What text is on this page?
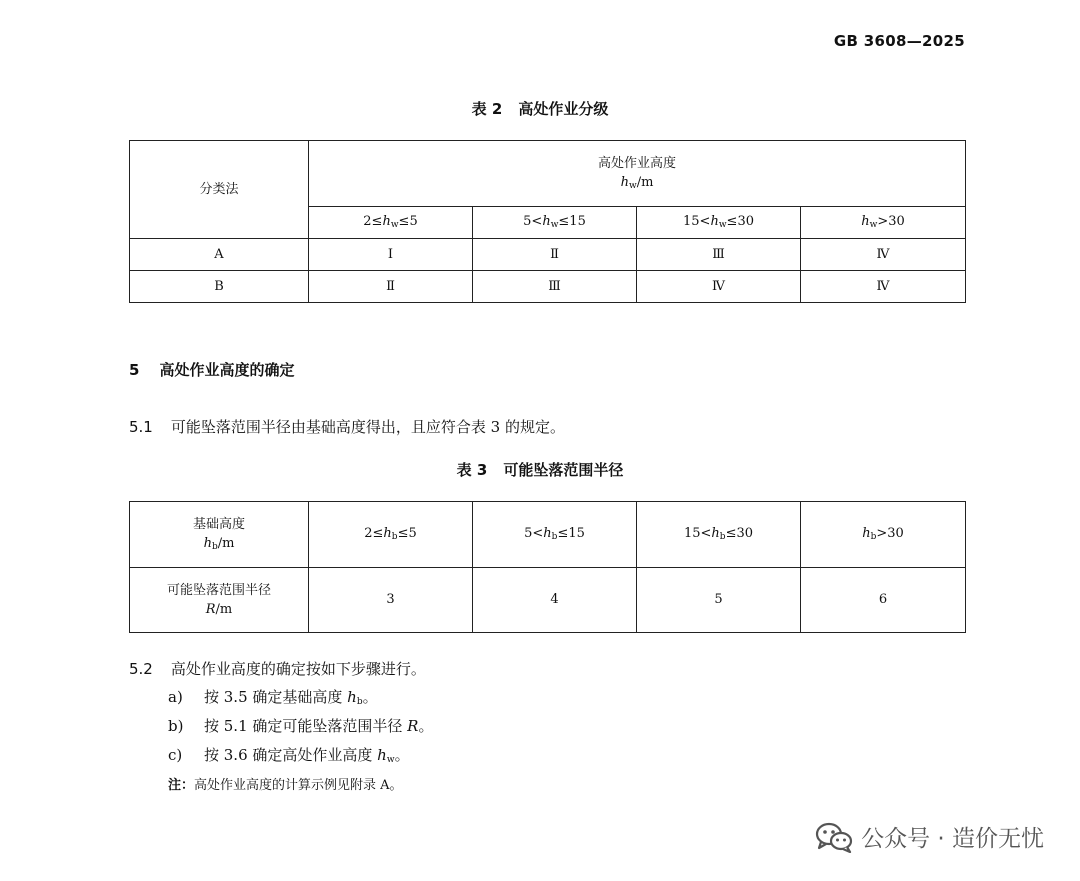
GB 3608—2025
表 2 高处作业分级
分类法	高处作业高度
$h_w/m$			

	$2\le h_w\le 5$	$5<h_w\le 15$	$15<h_w\le 30$	$h_w>30$
A	Ⅰ	Ⅱ	Ⅲ	Ⅳ
B	Ⅱ	Ⅲ	Ⅳ	Ⅳ
5 高处作业高度的确定
5.1 可能坠落范围半径由基础高度得出，且应符合表 3 的规定。
表 3 可能坠落范围半径
基础高度
$h_b/m$	$2\le h_b\le 5$	$5<h_b\le 15$	$15<h_b\le 30$	$h_b>30$

可能坠落范围半径
R/m	3	4	5	6
5.2 高处作业高度的确定按如下步骤进行。
a) 按 3.5 确定基础高度 $h_b$。
b) 按 5.1 确定可能坠落范围半径 R。
c) 按 3.6 确定高处作业高度 $h_w$。
注：高处作业高度的计算示例见附录 A。
公众号 · 造价无忧
